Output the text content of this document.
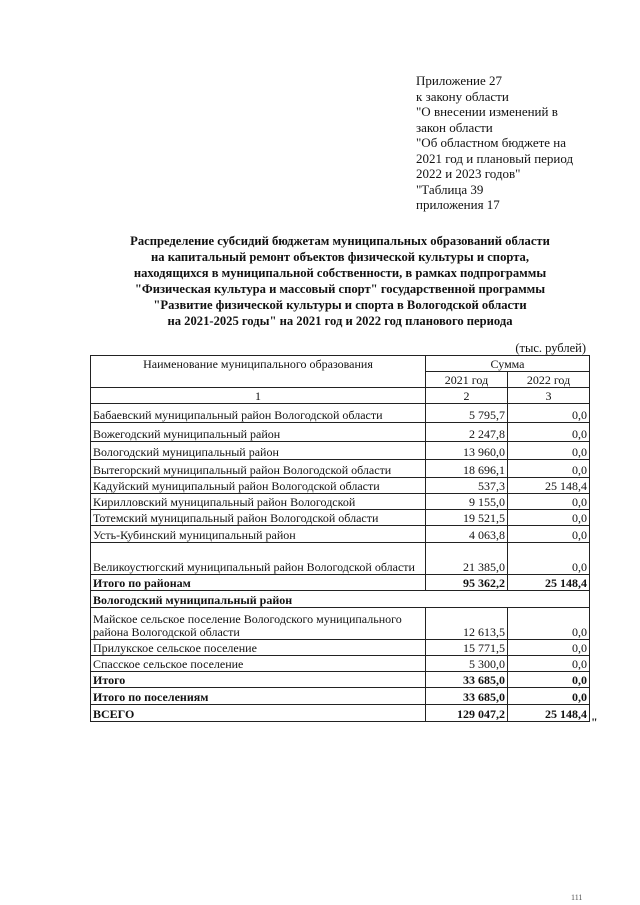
Приложение 27
к закону области
"О внесении изменений в
закон области
"Об областном бюджете на
2021 год и плановый период
2022 и 2023 годов"
"Таблица 39
приложения 17
Распределение субсидий бюджетам муниципальных образований области
на капитальный ремонт объектов физической культуры и спорта,
находящихся в муниципальной собственности, в рамках подпрограммы
"Физическая культура и массовый спорт" государственной программы
"Развитие физической культуры и спорта в Вологодской области
на 2021-2025 годы" на 2021 год и 2022 год планового периода
(тыс. рублей)
Наименование муниципального образования	Сумма	
	2021 год	2022 год
1	2	3
Бабаевский муниципальный район Вологодской области	5 795,7	0,0
Вожегодский муниципальный район	2 247,8	0,0
Вологодский муниципальный район	13 960,0	0,0
Вытегорский муниципальный район Вологодской области	18 696,1	0,0
Кадуйский муниципальный район Вологодской области	537,3	25 148,4
Кирилловский муниципальный район Вологодской	9 155,0	0,0
Тотемский муниципальный район Вологодской области	19 521,5	0,0
Усть-Кубинский муниципальный район	4 063,8	0,0
Великоустюгский муниципальный район Вологодской области	21 385,0	0,0
Итого по районам	95 362,2	25 148,4
Вологодский муниципальный район		
Майское сельское поселение Вологодского муниципального района Вологодской области	12 613,5	0,0
Прилукское сельское поселение	15 771,5	0,0
Спасское сельское поселение	5 300,0	0,0
Итого	33 685,0	0,0
Итого по поселениям	33 685,0	0,0
ВСЕГО	129 047,2	25 148,4
"
111
